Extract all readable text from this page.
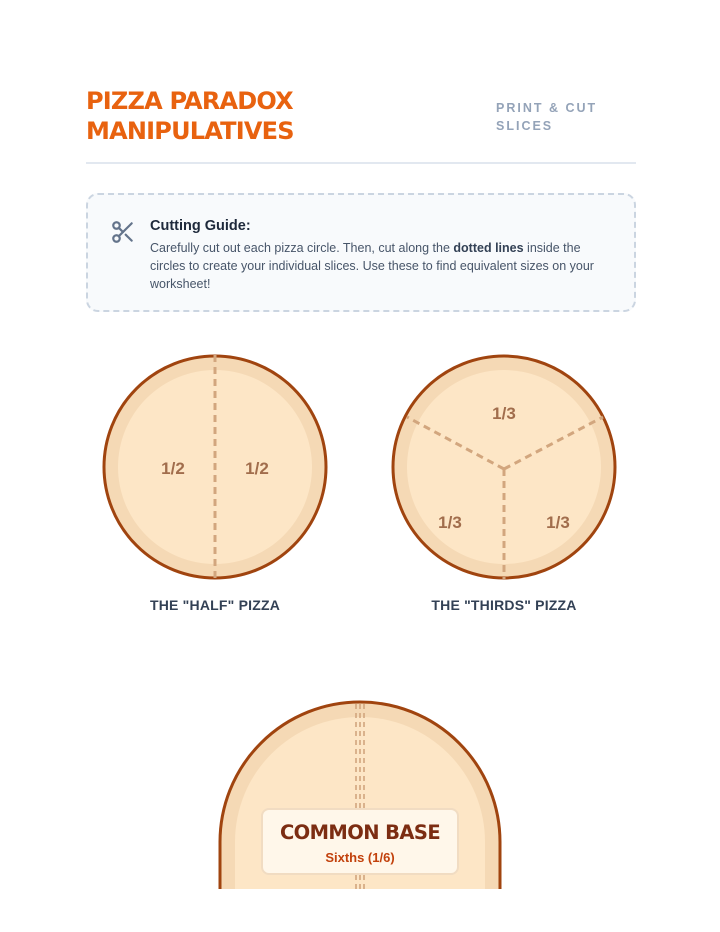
PIZZA PARADOX
MANIPULATIVES
PRINT & CUT
SLICES
Cutting Guide:

Carefully cut out each pizza circle. Then, cut along the dotted lines inside the circles to create your individual slices. Use these to find equivalent sizes on your worksheet!

1/2	1/2
1/3
1/3	1/3
THE "HALF" PIZZA	THE "THIRDS" PIZZA
COMMON BASE
Sixths (1/6)
